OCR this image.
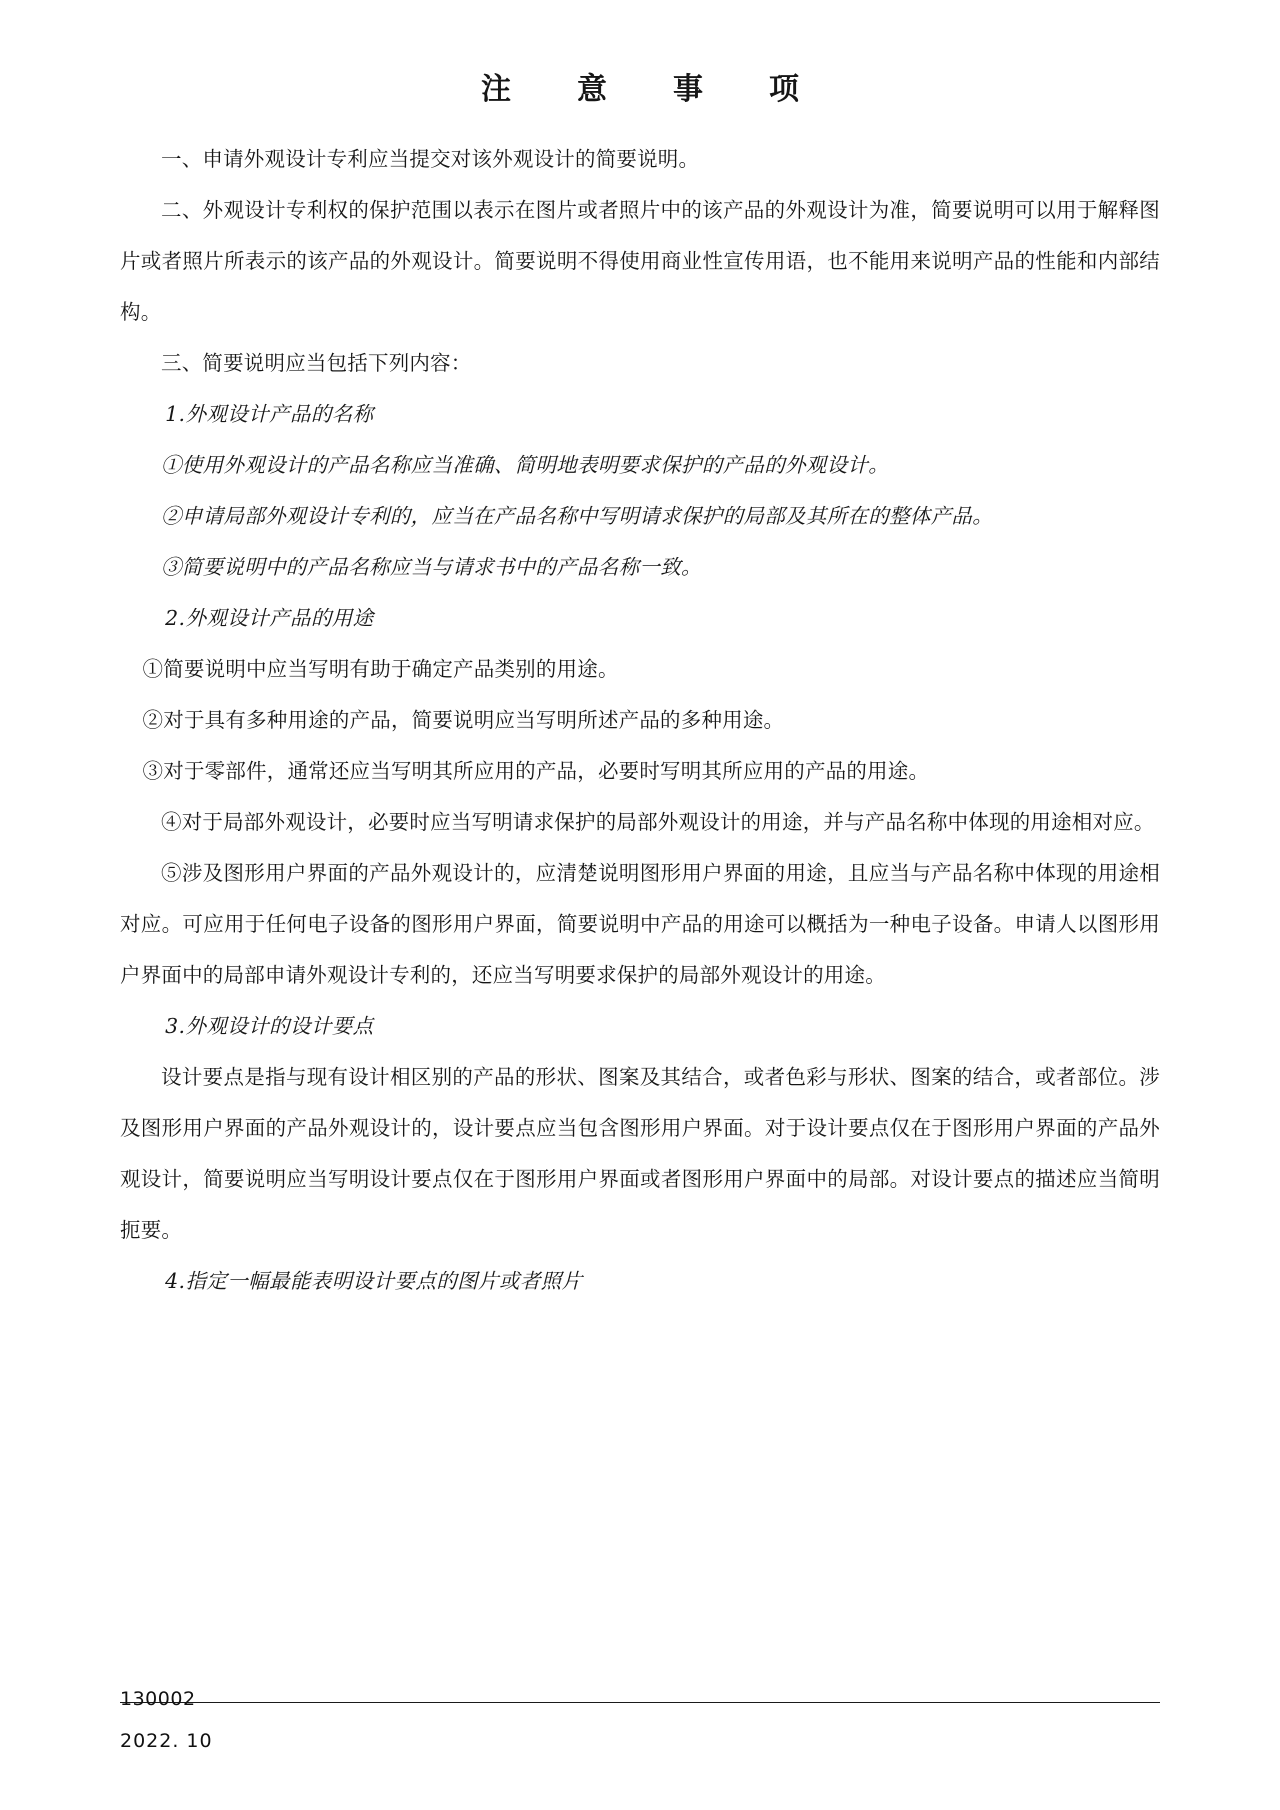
注　意　事　项

一、申请外观设计专利应当提交对该外观设计的简要说明。

二、外观设计专利权的保护范围以表示在图片或者照片中的该产品的外观设计为准，简要说明可以用于解释图片或者照片所表示的该产品的外观设计。简要说明不得使用商业性宣传用语，也不能用来说明产品的性能和内部结构。

三、简要说明应当包括下列内容：

1.外观设计产品的名称

①使用外观设计的产品名称应当准确、简明地表明要求保护的产品的外观设计。

②申请局部外观设计专利的，应当在产品名称中写明请求保护的局部及其所在的整体产品。

③简要说明中的产品名称应当与请求书中的产品名称一致。

2.外观设计产品的用途

①简要说明中应当写明有助于确定产品类别的用途。

②对于具有多种用途的产品，简要说明应当写明所述产品的多种用途。

③对于零部件，通常还应当写明其所应用的产品，必要时写明其所应用的产品的用途。

④对于局部外观设计，必要时应当写明请求保护的局部外观设计的用途，并与产品名称中体现的用途相对应。

⑤涉及图形用户界面的产品外观设计的，应清楚说明图形用户界面的用途，且应当与产品名称中体现的用途相对应。可应用于任何电子设备的图形用户界面，简要说明中产品的用途可以概括为一种电子设备。申请人以图形用户界面中的局部申请外观设计专利的，还应当写明要求保护的局部外观设计的用途。

3.外观设计的设计要点

设计要点是指与现有设计相区别的产品的形状、图案及其结合，或者色彩与形状、图案的结合，或者部位。涉及图形用户界面的产品外观设计的，设计要点应当包含图形用户界面。对于设计要点仅在于图形用户界面的产品外观设计，简要说明应当写明设计要点仅在于图形用户界面或者图形用户界面中的局部。对设计要点的描述应当简明扼要。

4.指定一幅最能表明设计要点的图片或者照片

130002
2022. 10
